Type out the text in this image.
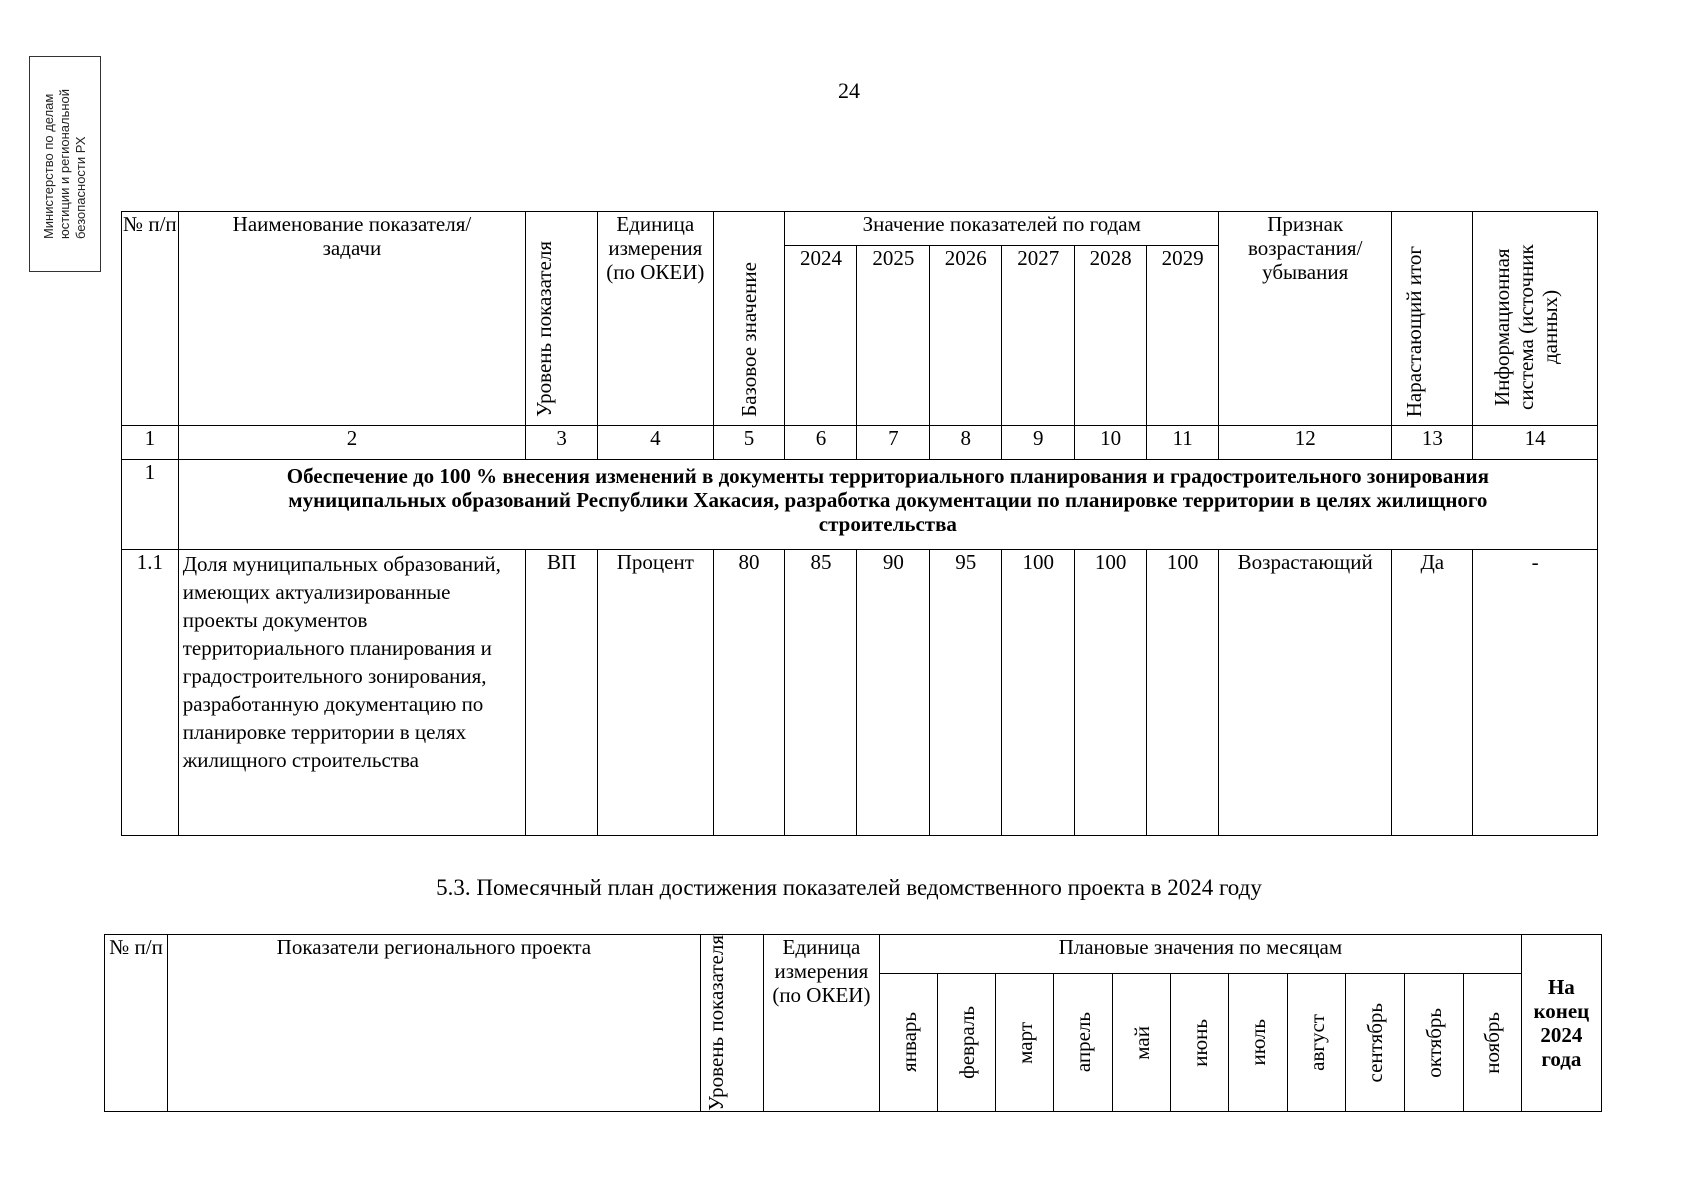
Министерство по делам юстиции и региональной безопасности РХ
24
№ п/п	Наименование показателя/задачи	Уровень показателя	Единица измерения (по ОКЕИ)	Базовое значение	Значение показателей по годам						Признак возрастания/ убывания	Нарастающий итог	Информационная система (источник данных)

					2024	2025	2026	2027	2028	2029			
1	2	3	4	5	6	7	8	9	10	11	12	13	14
1	Обеспечение до 100 % внесения изменений в документы территориального планирования и градостроительного зонирования муниципальных образований Республики Хакасия, разработка документации по планировке территории в целях жилищного строительства												
1.1	Доля муниципальных образований, имеющих актуализированные проекты документов территориального планирования и градостроительного зонирования, разработанную документацию по планировке территории в целях жилищного строительства	ВП	Процент	80	85	90	95	100	100	100	Возрастающий	Да	-
5.3. Помесячный план достижения показателей ведомственного проекта в 2024 году
№ п/п	Показатели регионального проекта	Уровень показателя	Единица измерения (по ОКЕИ)	Плановые значения по месяцам											На конец 2024 года

				январь	февраль	март	апрель	май	июнь	июль	август	сентябрь	октябрь	ноябрь	
